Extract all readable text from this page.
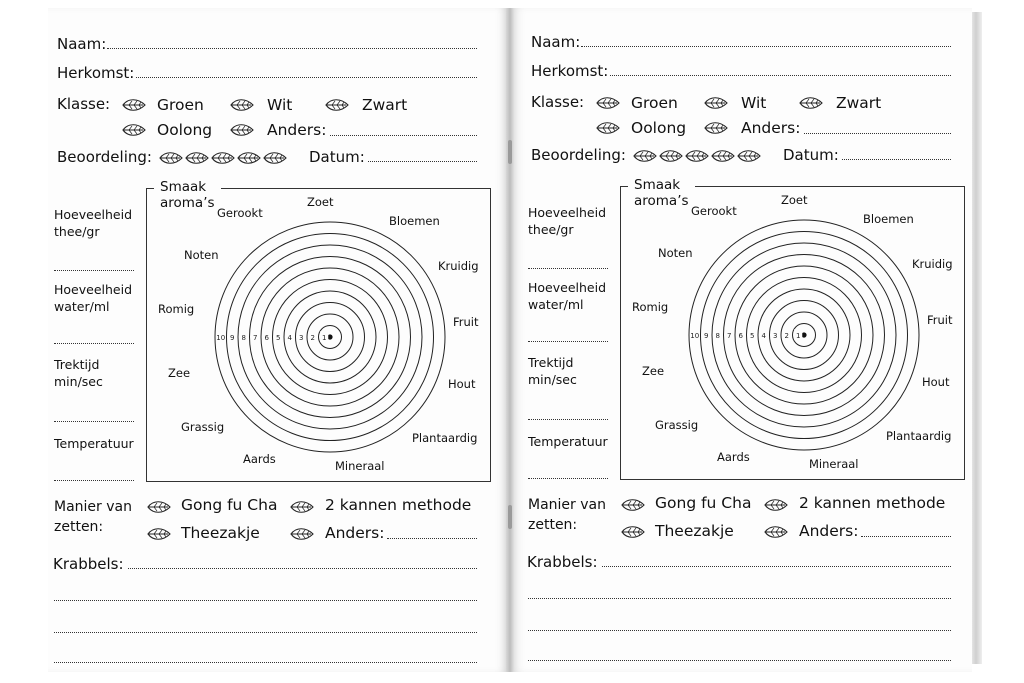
Naam:
Herkomst:
Klasse:	Groen	Wit	Zwart
Oolong	Anders:
Beoordeling:	Datum:
Hoeveelheid thee/gr
Hoeveelheid water/ml
Trektijd min/sec
Temperatuur
Smaak aroma’s	Zoet
Bloemen
Kruidig
Fruit
Hout
Plantaardig
Mineraal
Aards
Grassig
Zee
Romig
Noten
Gerookt
10 9 8 7 6 5 4 3 2 1
Manier van zetten:
Gong fu Cha	2 kannen methode
Theezakje	Anders:
Krabbels:
Naam:
Herkomst:
Klasse:	Groen	Wit	Zwart
Oolong	Anders:
Beoordeling:	Datum:
Hoeveelheid thee/gr
Hoeveelheid water/ml
Trektijd min/sec
Temperatuur
Smaak aroma’s	Zoet
Bloemen
Kruidig
Fruit
Hout
Plantaardig
Mineraal
Aards
Grassig
Zee
Romig
Noten
Gerookt
10 9 8 7 6 5 4 3 2 1
Manier van zetten:
Gong fu Cha	2 kannen methode
Theezakje	Anders:
Krabbels:
